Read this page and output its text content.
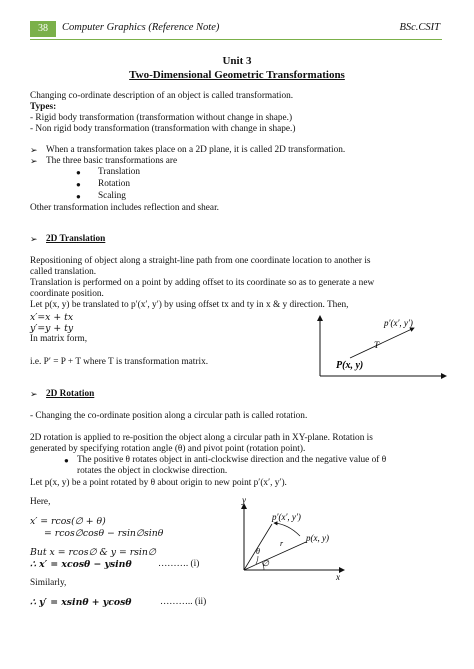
38	Computer Graphics (Reference Note)	BSc.CSIT
Unit 3
Two-Dimensional Geometric Transformations
Changing co-ordinate description of an object is called transformation.
Types:
- Rigid body transformation (transformation without change in shape.)
- Non rigid body transformation (transformation with change in shape.)
➢ When a transformation takes place on a 2D plane, it is called 2D transformation.
➢ The three basic transformations are
● Translation
● Rotation
● Scaling
Other transformation includes reflection and shear.
➢ 2D Translation
Repositioning of object along a straight-line path from one coordinate location to another is
called translation.
Translation is performed on a point by adding offset to its coordinate so as to generate a new
coordinate position.
Let p(x, y) be translated to p′(x′, y′) by using offset tx and ty in x & y direction. Then,
x′=x + tx
y′=y + ty
In matrix form,
i.e. P′ = P + T where T is transformation matrix.
p′(x′, y′)
T
P(x, y)
➢ 2D Rotation
- Changing the co-ordinate position along a circular path is called rotation.
2D rotation is applied to re-position the object along a circular path in XY-plane. Rotation is
generated by specifying rotation angle (θ) and pivot point (rotation point).
● The positive θ rotates object in anti-clockwise direction and the negative value of θ
rotates the object in clockwise direction.
Let p(x, y) be a point rotated by θ about origin to new point p′(x′, y′).
Here,
x′ = rcos(∅ + θ)
= rcos∅cosθ − rsin∅sinθ
But x = rcos∅ & y = rsin∅
∴ x′ = xcosθ − ysinθ	………. (i)
Similarly,
∴ y′ = xsinθ + ycosθ	……….. (ii)
y
x
p′(x′, y′)
p(x, y)
θ
∅
r
